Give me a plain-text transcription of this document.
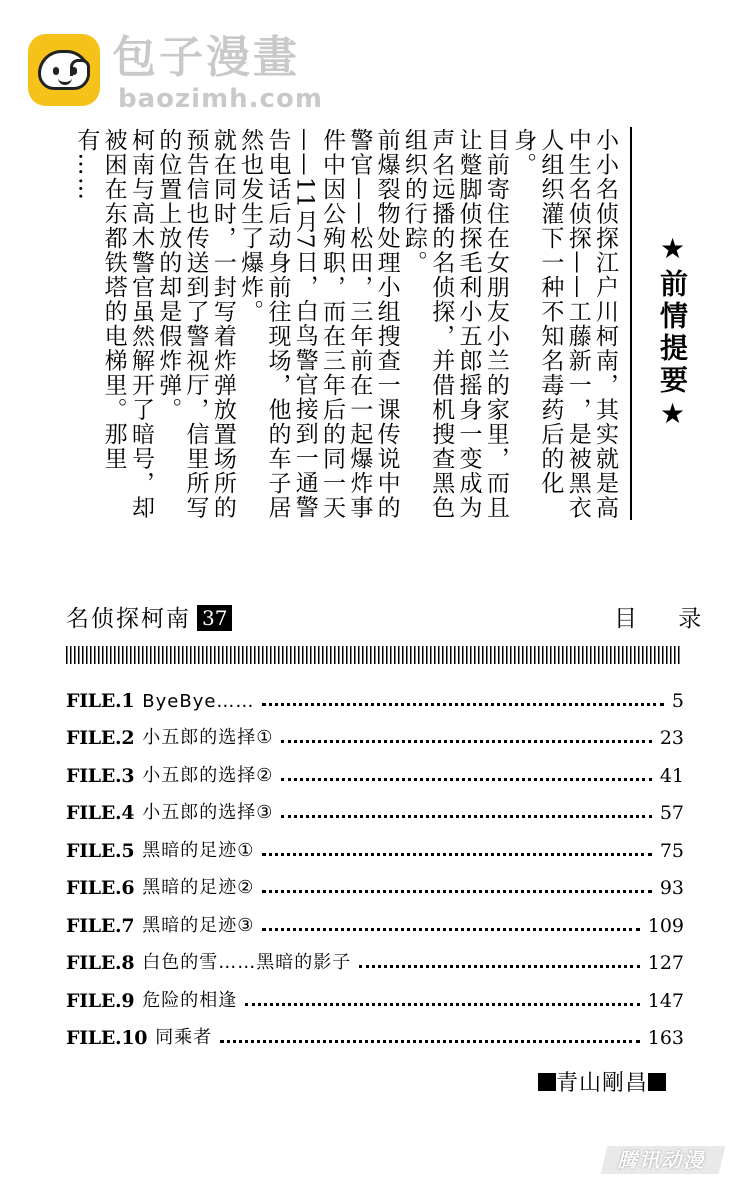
包子漫畫
baozimh.com
★前情提要★

小小名侦探江户川柯南，其实就是高中生名侦探——工藤新一，是被黑衣人组织灌下一种不知名毒药后的化身。

目前寄住在女朋友小兰的家里，而且让蹩脚侦探毛利小五郎摇身一变成为声名远播的名侦探，并借机搜查黑色组织的行踪。

前爆裂物处理小组搜查一课传说中的警官——松田，三年前在一起爆炸事件中因公殉职，而在三年后的同一天——11月7日，白鸟警官接到一通警告电话后动身前往现场，他的车子居然也发生了爆炸。

就在同时，一封写着炸弹放置场所的预告信也传送到了警视厅，信里所写的位置上放的却是假炸弹。

柯南与高木警官虽然解开了暗号，却被困在东都铁塔的电梯里。那里有……

名侦探柯南 37	目 录
FILE.1 ByeBye……	5
FILE.2 小五郎的选择①	23
FILE.3 小五郎的选择②	41
FILE.4 小五郎的选择③	57
FILE.5 黑暗的足迹①	75
FILE.6 黑暗的足迹②	93
FILE.7 黑暗的足迹③	109
FILE.8 白色的雪……黑暗的影子	127
FILE.9 危险的相逢	147
FILE.10 同乘者	163
青山剛昌
腾讯动漫
